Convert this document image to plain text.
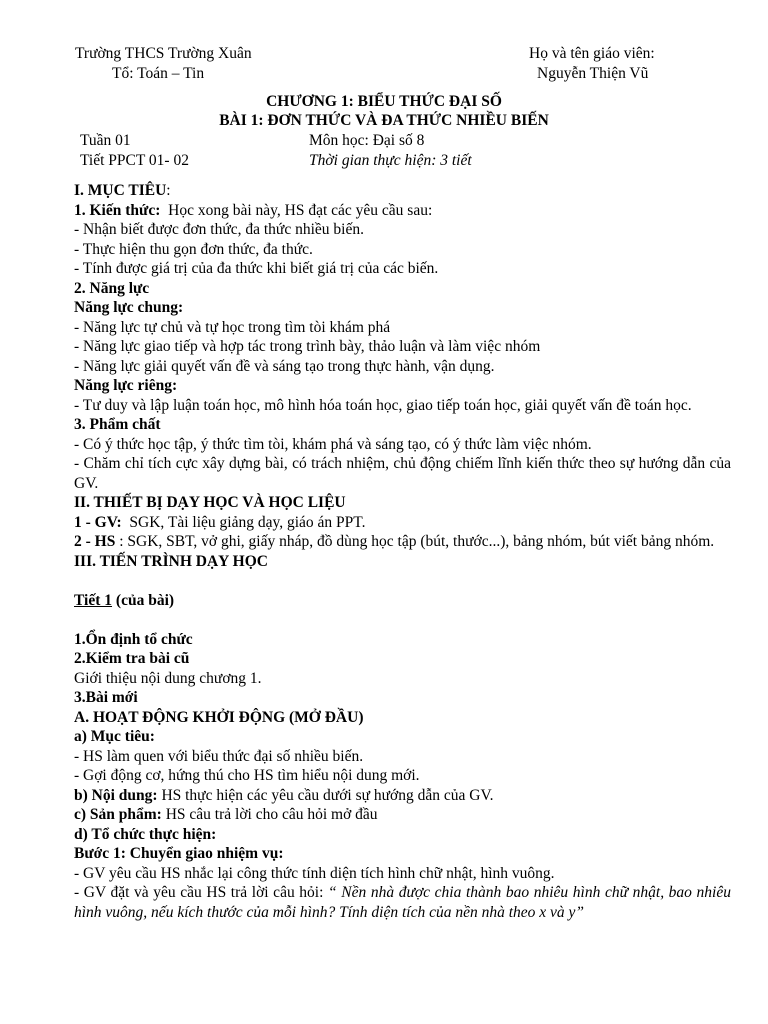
Trường THCS Trường Xuân
Tổ: Toán – Tin
Họ và tên giáo viên:
Nguyễn Thiện Vũ
CHƯƠNG 1: BIỂU THỨC ĐẠI SỐ
BÀI 1: ĐƠN THỨC VÀ ĐA THỨC NHIỀU BIẾN
Tuần 01
Tiết PPCT 01- 02
Môn học: Đại số 8
Thời gian thực hiện: 3 tiết

I. MỤC TIÊU:

1. Kiến thức:  Học xong bài này, HS đạt các yêu cầu sau:

- Nhận biết được đơn thức, đa thức nhiều biến.

- Thực hiện thu gọn đơn thức, đa thức.

- Tính được giá trị của đa thức khi biết giá trị của các biến.

2. Năng lực

Năng lực chung:

- Năng lực tự chủ và tự học trong tìm tòi khám phá

- Năng lực giao tiếp và hợp tác trong trình bày, thảo luận và làm việc nhóm

- Năng lực giải quyết vấn đề và sáng tạo trong thực hành, vận dụng.

Năng lực riêng:

- Tư duy và lập luận toán học, mô hình hóa toán học, giao tiếp toán học, giải quyết vấn đề toán học.

3. Phẩm chất

- Có ý thức học tập, ý thức tìm tòi, khám phá và sáng tạo, có ý thức làm việc nhóm.

- Chăm chỉ tích cực xây dựng bài, có trách nhiệm, chủ động chiếm lĩnh kiến thức theo sự hướng dẫn của GV.

II. THIẾT BỊ DẠY HỌC VÀ HỌC LIỆU

1 - GV:  SGK, Tài liệu giảng dạy, giáo án PPT.

2 - HS : SGK, SBT, vở ghi, giấy nháp, đồ dùng học tập (bút, thước...), bảng nhóm, bút viết bảng nhóm.

III. TIẾN TRÌNH DẠY HỌC

Tiết 1 (của bài)

1.Ổn định tổ chức

2.Kiểm tra bài cũ

Giới thiệu nội dung chương 1.

3.Bài mới

A. HOẠT ĐỘNG KHỞI ĐỘNG (MỞ ĐẦU)

a) Mục tiêu:

- HS làm quen với biểu thức đại số nhiều biến.

- Gợi động cơ, hứng thú cho HS tìm hiểu nội dung mới.

b) Nội dung: HS thực hiện các yêu cầu dưới sự hướng dẫn của GV.

c) Sản phẩm: HS câu trả lời cho câu hỏi mở đầu

d) Tổ chức thực hiện:

Bước 1: Chuyển giao nhiệm vụ:

- GV yêu cầu HS nhắc lại công thức tính diện tích hình chữ nhật, hình vuông.

- GV đặt và yêu cầu HS trả lời câu hỏi: “ Nền nhà được chia thành bao nhiêu hình chữ nhật, bao nhiêu hình vuông, nếu kích thước của mỗi hình? Tính diện tích của nền nhà theo x và y”
